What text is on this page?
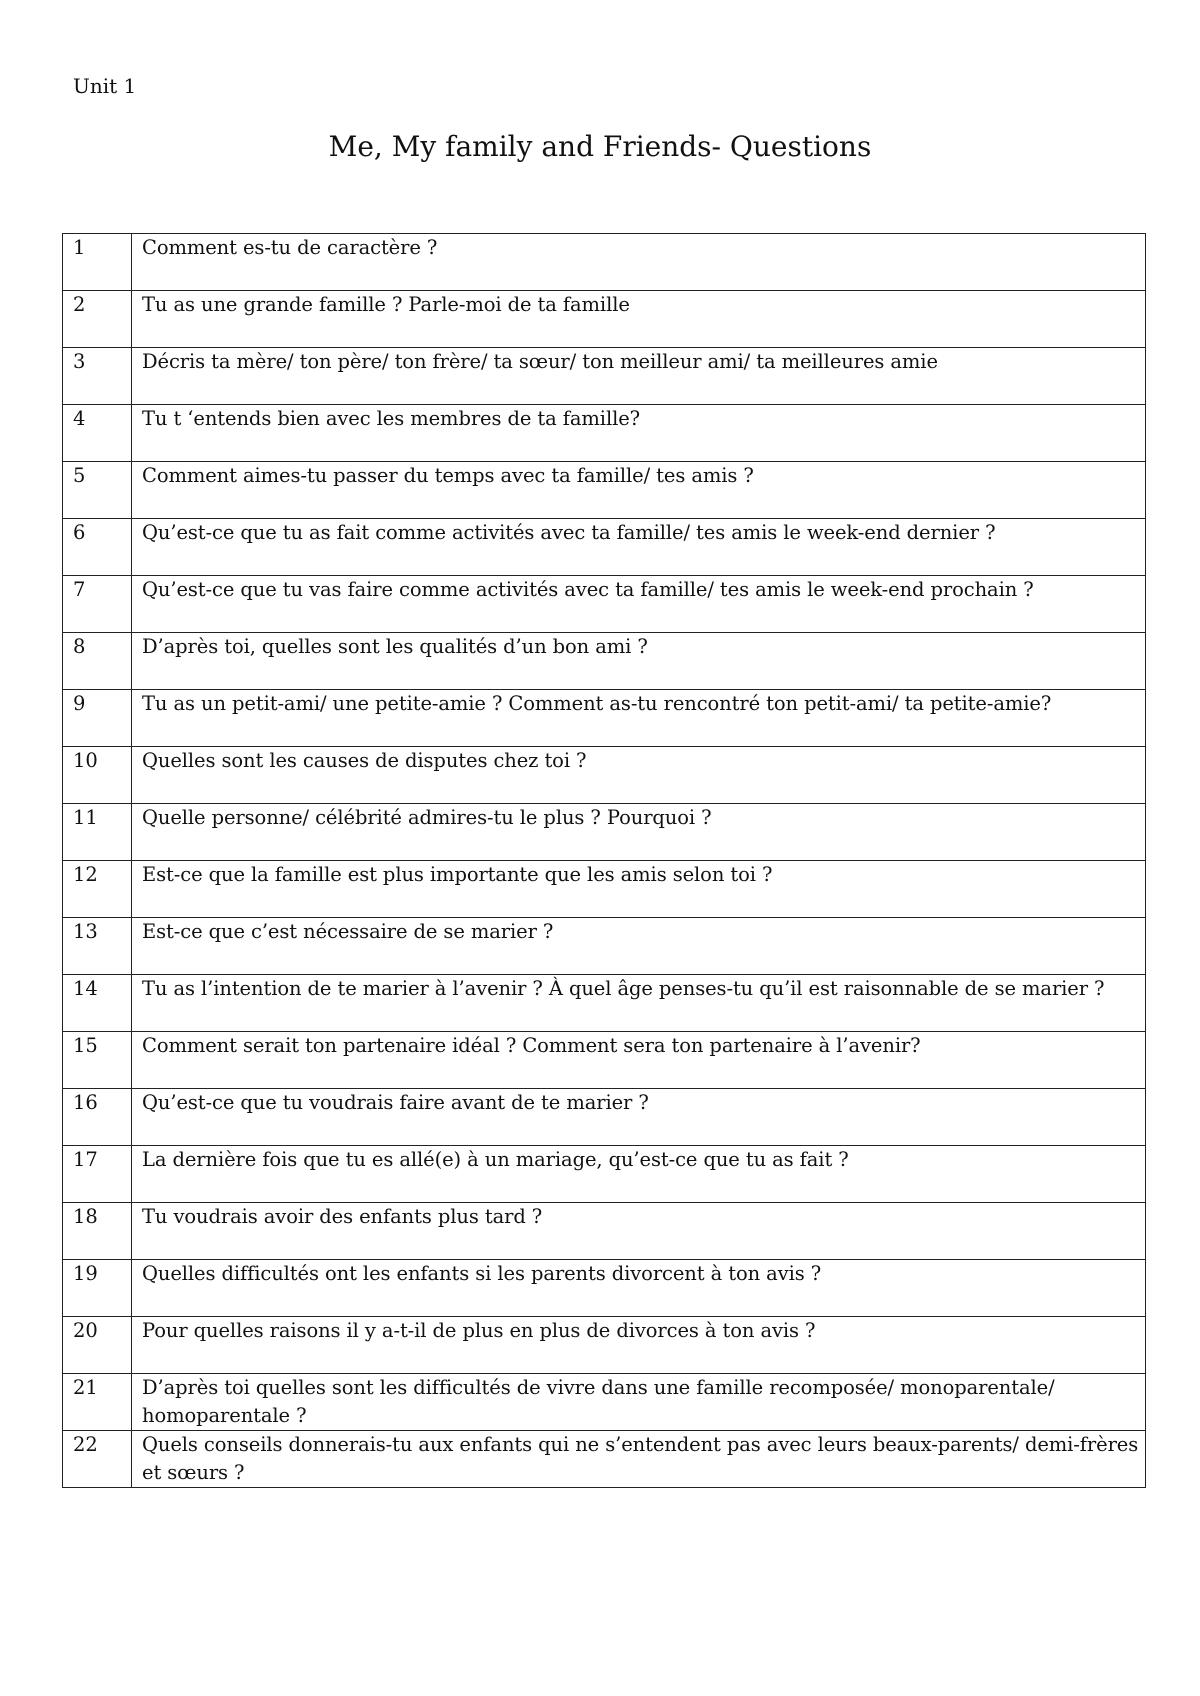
Unit 1
Me, My family and Friends- Questions
1	Comment es-tu de caractère ?
2	Tu as une grande famille ? Parle-moi de ta famille
3	Décris ta mère/ ton père/ ton frère/ ta sœur/ ton meilleur ami/ ta meilleures amie
4	Tu t ‘entends bien avec les membres de ta famille?
5	Comment aimes-tu passer du temps avec ta famille/ tes amis ?
6	Qu’est-ce que tu as fait comme activités avec ta famille/ tes amis le week-end dernier ?
7	Qu’est-ce que tu vas faire comme activités avec ta famille/ tes amis le week-end prochain ?
8	D’après toi, quelles sont les qualités d’un bon ami ?
9	Tu as un petit-ami/ une petite-amie ? Comment as-tu rencontré ton petit-ami/ ta petite-amie?
10	Quelles sont les causes de disputes chez toi ?
11	Quelle personne/ célébrité admires-tu le plus ? Pourquoi ?
12	Est-ce que la famille est plus importante que les amis selon toi ?
13	Est-ce que c’est nécessaire de se marier ?
14	Tu as l’intention de te marier à l’avenir ? À quel âge penses-tu qu’il est raisonnable de se marier ?
15	Comment serait ton partenaire idéal ? Comment sera ton partenaire à l’avenir?
16	Qu’est-ce que tu voudrais faire avant de te marier ?
17	La dernière fois que tu es allé(e) à un mariage, qu’est-ce que tu as fait ?
18	Tu voudrais avoir des enfants plus tard ?
19	Quelles difficultés ont les enfants si les parents divorcent à ton avis ?
20	Pour quelles raisons il y a-t-il de plus en plus de divorces à ton avis ?
21	D’après toi quelles sont les difficultés de vivre dans une famille recomposée/ monoparentale/ homoparentale ?
22	Quels conseils donnerais-tu aux enfants qui ne s’entendent pas avec leurs beaux-parents/ demi-frères et sœurs ?
